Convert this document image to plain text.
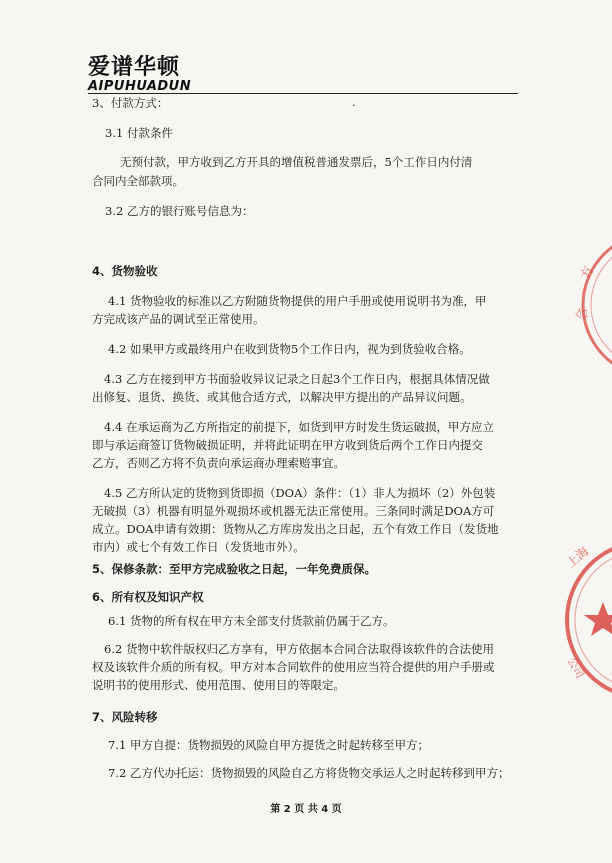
爱谱华顿
AIPUHUADUN
3、付款方式：	.
3.1 付款条件
无预付款，甲方收到乙方开具的增值税普通发票后，5个工作日内付清
合同内全部款项。
3.2 乙方的银行账号信息为：
4、货物验收
4.1 货物验收的标准以乙方附随货物提供的用户手册或使用说明书为准，甲
方完成该产品的调试至正常使用。
4.2 如果甲方或最终用户在收到货物5个工作日内，视为到货验收合格。
4.3 乙方在接到甲方书面验收异议记录之日起3个工作日内，根据具体情况做
出修复、退货、换货、或其他合适方式，以解决甲方提出的产品异议问题。
4.4 在承运商为乙方所指定的前提下，如货到甲方时发生货运破损，甲方应立
即与承运商签订货物破损证明，并将此证明在甲方收到货后两个工作日内提交
乙方，否则乙方将不负责向承运商办理索赔事宜。
4.5 乙方所认定的货物到货即损（DOA）条件：（1）非人为损坏（2）外包装
无破损（3）机器有明显外观损坏或机器无法正常使用。三条同时满足DOA方可
成立。DOA申请有效期：货物从乙方库房发出之日起，五个有效工作日（发货地
市内）或七个有效工作日（发货地市外）。
5、保修条款：至甲方完成验收之日起，一年免费质保。
6、所有权及知识产权
6.1 货物的所有权在甲方未全部支付货款前仍属于乙方。
6.2 货物中软件版权归乙方享有，甲方依据本合同合法取得该软件的合法使用
权及该软件介质的所有权。甲方对本合同软件的使用应当符合提供的用户手册或
说明书的使用形式、使用范围、使用目的等限定。
7、风险转移
7.1 甲方自提：货物损毁的风险自甲方提货之时起转移至甲方；
7.2 乙方代办托运：货物损毁的风险自乙方将货物交承运人之时起转移到甲方；
第 2 页 共 4 页
方
合
上海
公司
